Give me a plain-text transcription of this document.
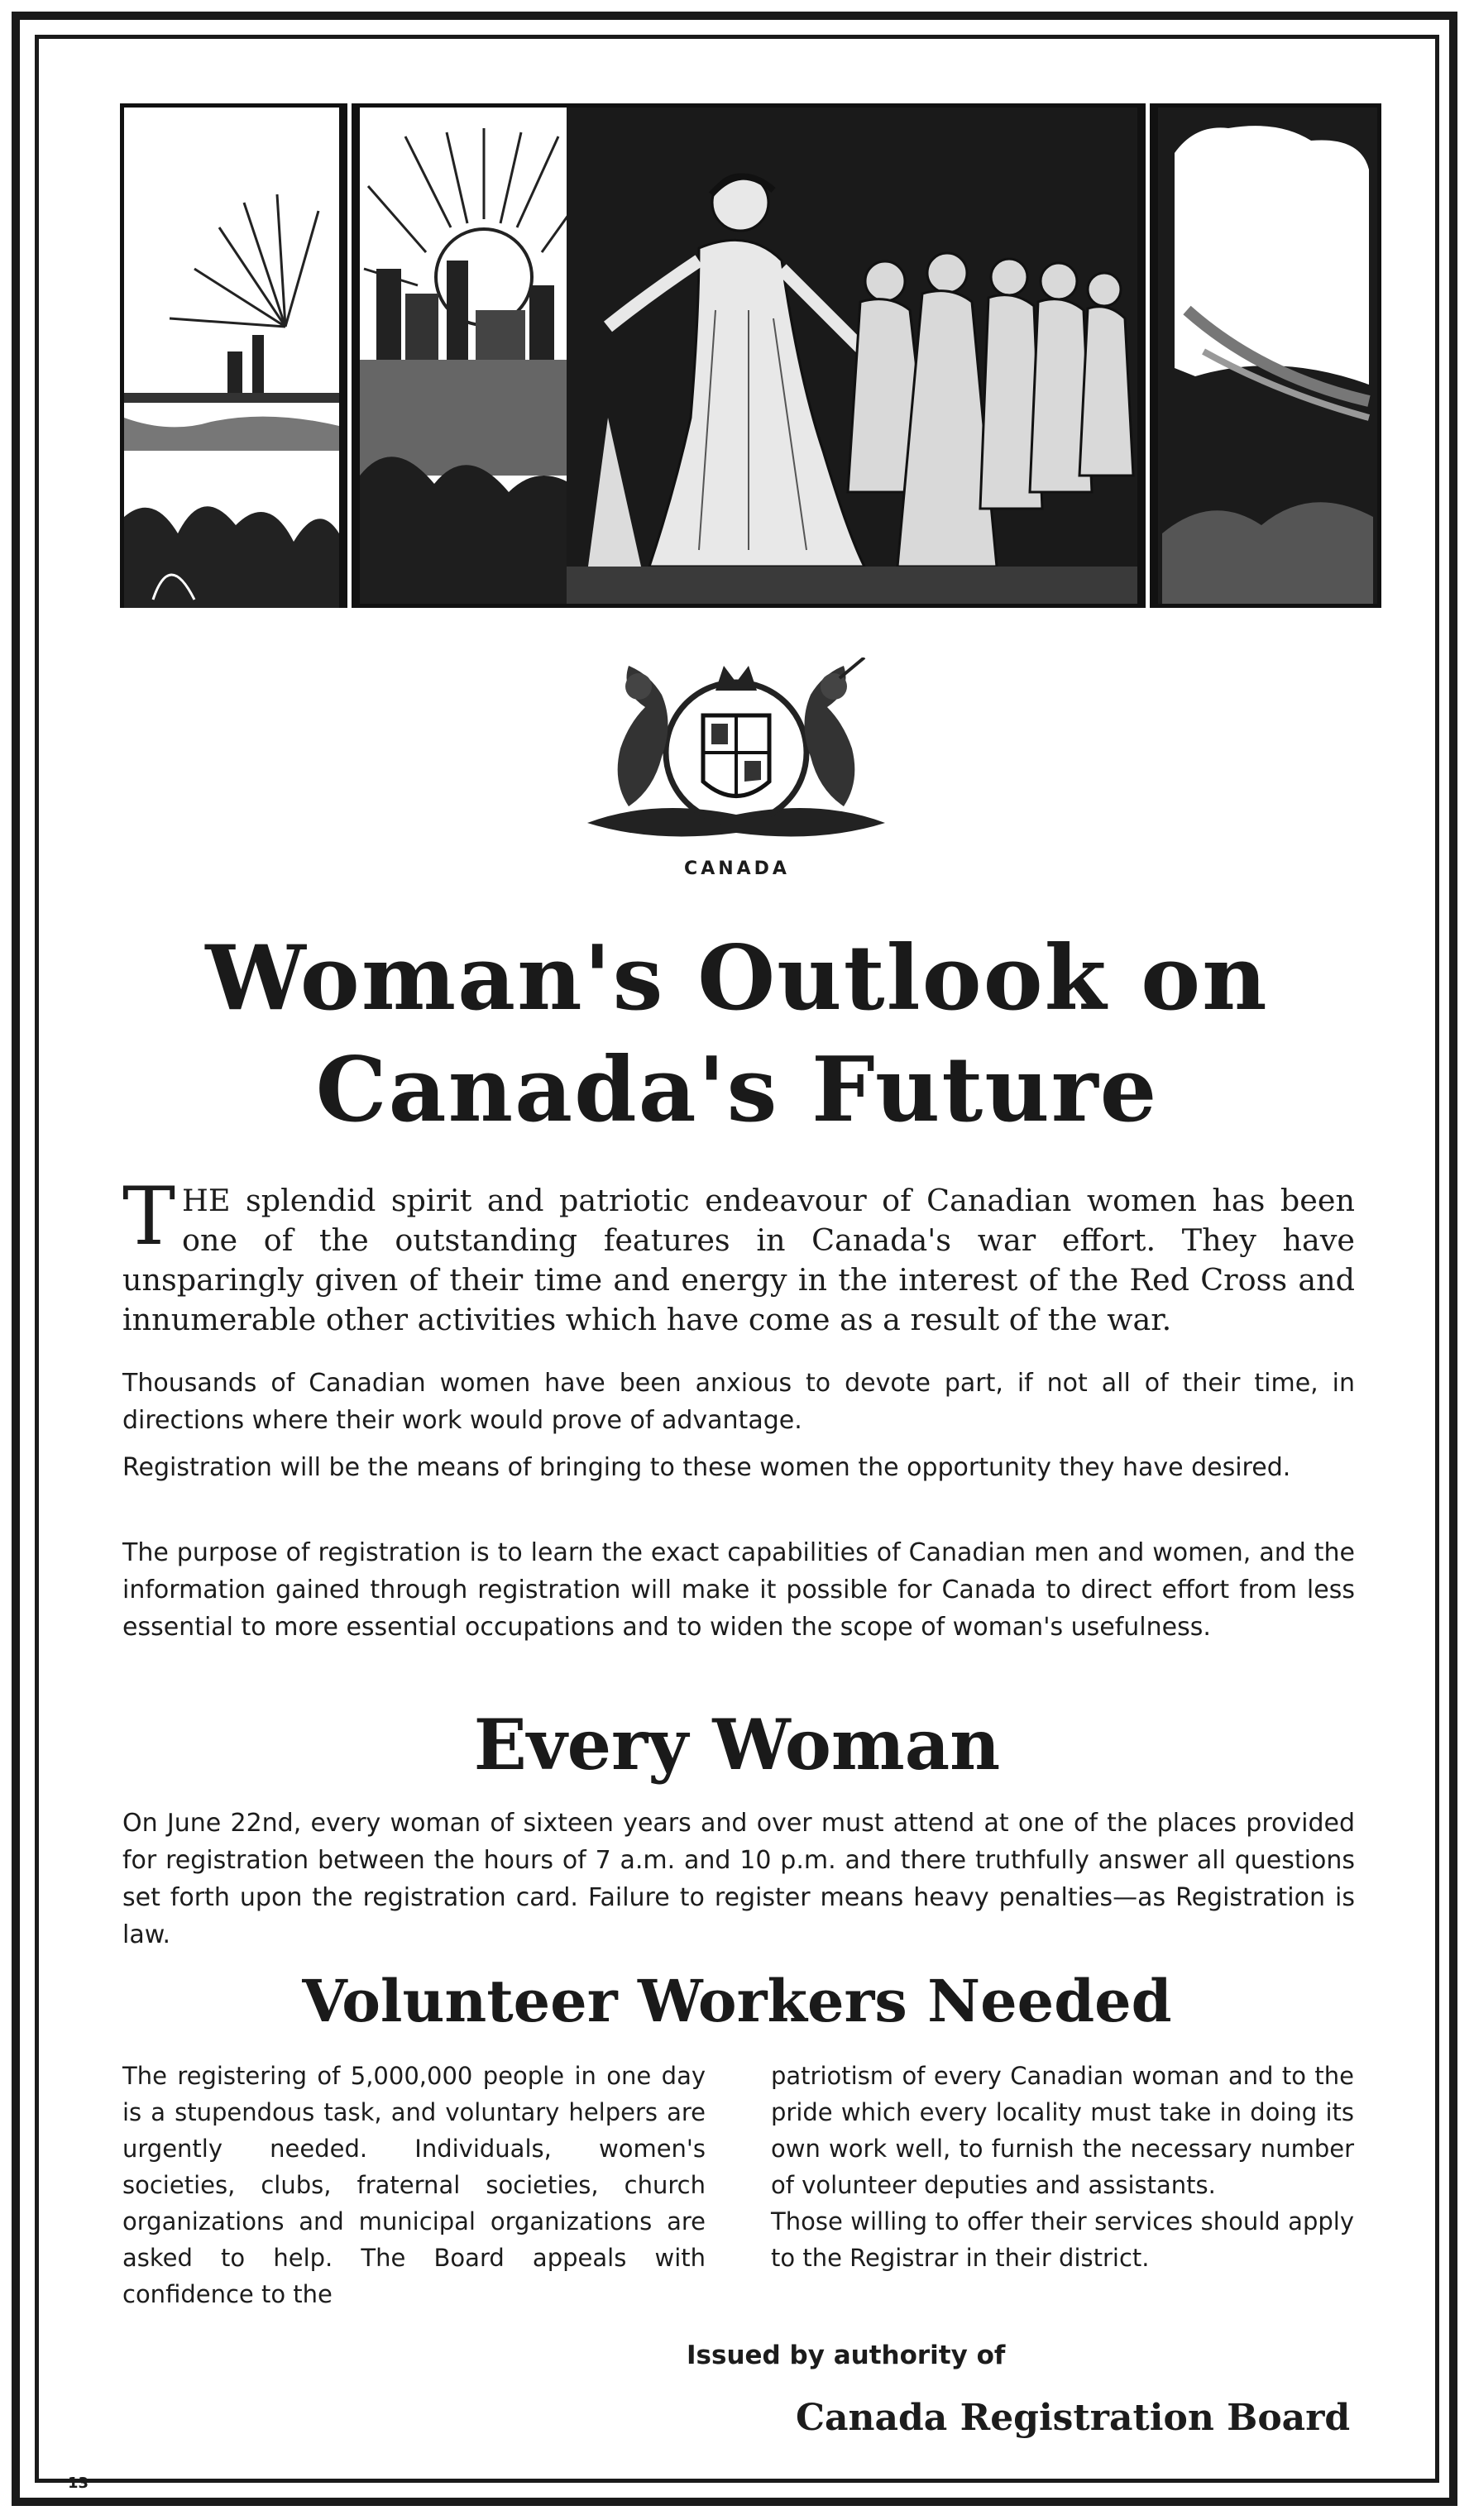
CANADA
Woman's Outlook on
Canada's Future

THE splendid spirit and patriotic endeavour of Canadian women has been one of the outstanding features in Canada's war effort. They have unsparingly given of their time and energy in the interest of the Red Cross and innumerable other activities which have come as a result of the war.

Thousands of Canadian women have been anxious to devote part, if not all of their time, in directions where their work would prove of advantage.

Registration will be the means of bringing to these women the opportunity they have desired.

The purpose of registration is to learn the exact capabilities of Canadian men and women, and the information gained through registration will make it possible for Canada to direct effort from less essential to more essential occupations and to widen the scope of woman's usefulness.

Every Woman

On June 22nd, every woman of sixteen years and over must attend at one of the places provided for registration between the hours of 7 a.m. and 10 p.m. and there truthfully answer all questions set forth upon the registration card. Failure to register means heavy penalties—as Registration is law.

Volunteer Workers Needed

The registering of 5,000,000 people in one day is a stupendous task, and voluntary helpers are urgently needed. Individuals, women's societies, clubs, fraternal societies, church organizations and municipal organizations are asked to help. The Board appeals with confidence to the

patriotism of every Canadian woman and to the pride which every locality must take in doing its own work well, to furnish the necessary number of volunteer deputies and assistants.

Those willing to offer their services should apply to the Registrar in their district.

Issued by authority of
Canada Registration Board
13
